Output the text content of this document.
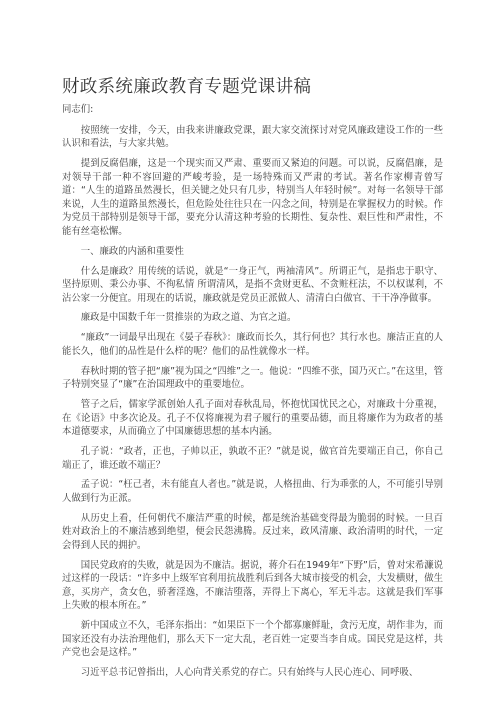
财政系统廉政教育专题党课讲稿

同志们:

按照统一安排，今天，由我来讲廉政党课，跟大家交流探讨对党风廉政建设工作的一些认识和看法，与大家共勉。

提到反腐倡廉，这是一个现实而又严肃、重要而又紧迫的问题。可以说，反腐倡廉，是对领导干部一种不容回避的严峻考验，是一场特殊而又严肃的考试。著名作家柳青曾写道：“人生的道路虽然漫长，但关键之处只有几步，特别当人年轻时候”。对每一名领导干部来说，人生的道路虽然漫长，但危险处往往只在一闪念之间，特别是在掌握权力的时候。作为党员干部特别是领导干部，要充分认清这种考验的长期性、复杂性、艰巨性和严肃性，不能有丝毫松懈。

一、廉政的内涵和重要性

什么是廉政？用传统的话说，就是“一身正气，两袖清风”。所谓正气，是指忠于职守、坚持原则、秉公办事、不徇私情 所谓清风，是指不贪财更私、不贪赃枉法，不以权谋利，不沾公家一分便宜。用现在的话说，廉政就是党员正派做人、清清白白做官、干干净净做事。

廉政是中国数千年一贯推崇的为政之道、为官之道。

“廉政”一词最早出现在《晏子春秋》：廉政而长久，其行何也？其行水也。廉洁正直的人能长久，他们的品性是什么样的呢？他们的品性就像水一样。

春秋时期的管子把“廉”视为国之“四维”之一。他说：“四维不张，国乃灭亡。”在这里，管子特别突显了“廉”在治国理政中的重要地位。

管子之后，儒家学派创始人孔子面对春秋乱局，怀抱忧国忧民之心，对廉政十分重视，在《论语》中多次论及。孔子不仅将廉视为君子履行的重要品德，而且将廉作为为政者的基本道德要求，从而确立了中国廉德思想的基本内涵。

孔子说：“政者，正也，子帅以正，孰敢不正？”就是说，做官首先要端正自己，你自己端正了，谁还敢不端正？

孟子说：“枉己者，未有能直人者也。”就是说，人格扭曲、行为乖张的人，不可能引导别人做到行为正派。

从历史上看，任何朝代不廉洁严重的时候，都是统治基础变得最为脆弱的时候。一旦百姓对政治上的不廉洁感到绝望，便会民怨沸腾。反过来，政风清廉、政治清明的时代，一定会得到人民的拥护。

国民党政府的失败，就是因为不廉洁。据说，蒋介石在1949年“下野”后，曾对宋希濂说过这样的一段话：“许多中上级军官利用抗战胜利后到各大城市接受的机会，大发横财，做生意，买房产，贪女色，骄奢淫逸，不廉洁堕落，弄得上下离心，军无斗志。这就是我们军事上失败的根本所在。”

新中国成立不久，毛泽东指出：“如果臣下一个个都寡廉鲜耻，贪污无度，胡作非为，而国家还没有办法治理他们，那么天下一定大乱，老百姓一定要当李自成。国民党是这样，共产党也会是这样。”

习近平总书记曾指出，人心向背关系党的存亡。只有始终与人民心连心、同呼吸、
